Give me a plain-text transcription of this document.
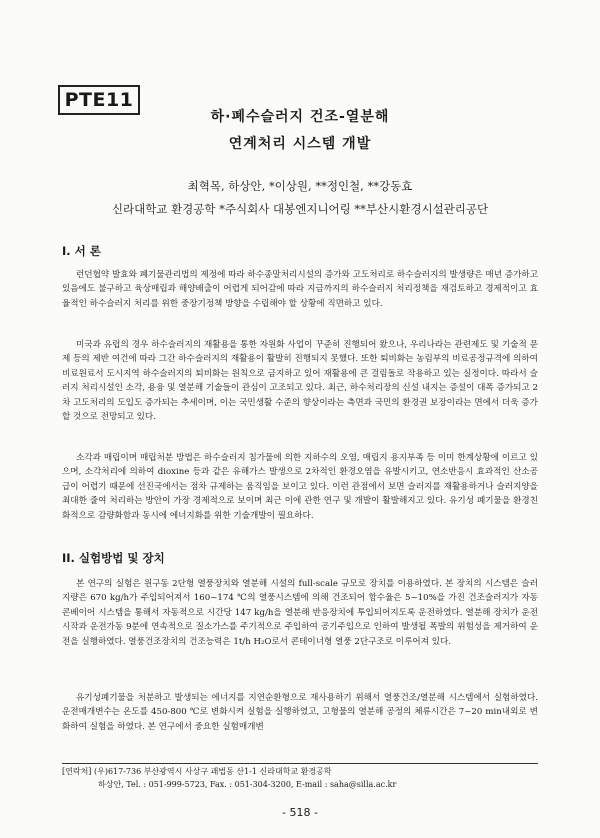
PTE11
하·폐수슬러지 건조-열분해
연계처리 시스템 개발
최혁목, 하상안, *이상원, **정인철, **강동효
신라대학교 환경공학 *주식회사 대봉엔지니어링 **부산시환경시설관리공단
I. 서 론

런던협약 발효와 폐기물관리법의 제정에 따라 하수종말처리시설의 증가와 고도처리로 하수슬러지의 발생량은 매년 증가하고 있음에도 불구하고 육상매립과 해양배출이 어렵게 되어감에 따라 지금까지의 하수슬러지 처리정책을 재검토하고 경제적이고 효율적인 하수슬러지 처리를 위한 중장기정책 방향을 수립해야 할 상황에 직면하고 있다.

미국과 유럽의 경우 하수슬러지의 재활용을 통한 자원화 사업이 꾸준히 진행되어 왔으나, 우리나라는 관련제도 및 기술적 문제 등의 제반 여건에 따라 그간 하수슬러지의 재활용이 활발히 진행되지 못했다. 또한 퇴비화는 농림부의 비료공정규격에 의하여 비료원료서 도시지역 하수슬러지의 퇴비화는 원칙으로 금지하고 있어 재활용에 큰 걸림돌로 작용하고 있는 실정이다. 따라서 슬러지 처리시설인 소각, 용융 및 열분해 기술들이 관심이 고조되고 있다. 최근, 하수처리장의 신설 내지는 증설이 대폭 증가되고 2차 고도처리의 도입도 증가되는 추세이며, 이는 국민생활 수준의 향상이라는 측면과 국민의 환경권 보장이라는 면에서 더욱 증가할 것으로 전망되고 있다.

소각과 매립이며 매립처분 방법은 하수슬러지 침가물에 의한 지하수의 오염, 매립지 용지부족 등 이미 한계상황에 이르고 있으며, 소각처리에 의하여 dioxine 등과 같은 유해가스 발생으로 2차적인 환경오염을 유발시키고, 연소반응시 효과적인 산소공급이 어렵기 때문에 선진국에서는 점차 규제하는 움직임을 보이고 있다. 이런 관점에서 보면 슬러지를 재활용하거나 슬러지양을 최대한 줄여 처리하는 방안이 가장 경제적으로 보이며 최근 이에 관한 연구 및 개발이 활발해지고 있다. 유기성 폐기물을 환경친화적으로 감량화함과 동시에 에너지화를 위한 기술개발이 필요하다.

II. 실험방법 및 장치

본 연구의 실험은 원구동 2단형 열풍장치와 열분해 시설의 full-scale 규모로 장치를 이용하였다. 본 장치의 시스템은 슬러지량은 670 kg/h가 주입되어져서 160~174 ℃의 열풍시스템에 의해 건조되어 함수율은 5~10%을 가진 건조슬러지가 자동콘베이어 시스템을 통해서 자동적으로 시간당 147 kg/h을 열분해 반응장치에 투입되어지도록 운전하였다. 열분해 장치가 운전시작과 운전가동 9분에 연속적으로 질소가스를 주기적으로 주입하여 공기주입으로 인하여 발생될 폭발의 위험성을 제거하여 운전을 실행하였다. 열풍건조장치의 건조능력은 1t/h H₂O로서 콘테이너형 열풍 2단구조로 이루어져 있다.

유기성폐기물을 처분하고 발생되는 에너지를 지연순환형으로 재사용하기 위해서 열풍건조/열분해 시스템에서 실험하였다. 운전매개변수는 온도를 450-800 ℃로 변화시켜 실험을 실행하였고, 고형물의 열분해 공정의 체류시간은 7~20 min내외로 변화하여 실험을 하였다. 본 연구에서 중요한 실험매개변

[연락처] (우)617-736 부산광역시 사상구 괘법동 산1-1 신라대학교 환경공학
하상안, Tel. : 051-999-5723, Fax. : 051-304-3200, E-mail : saha@silla.ac.kr
- 518 -
